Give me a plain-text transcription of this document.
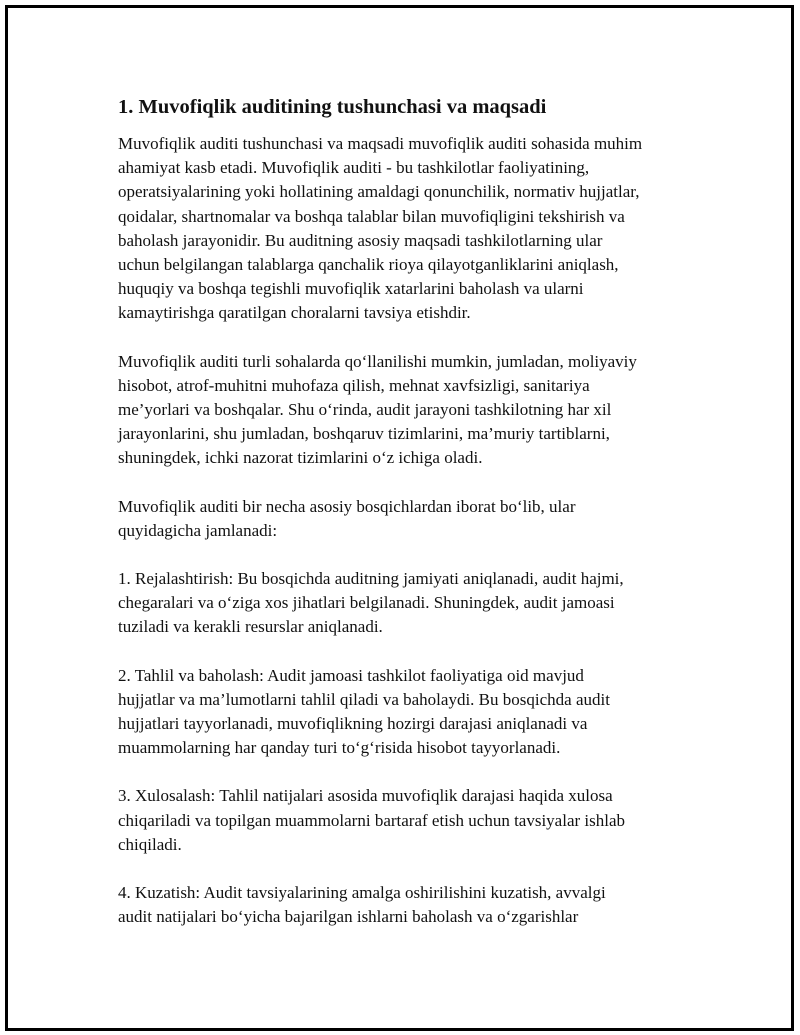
1. Muvofiqlik auditining tushunchasi va maqsadi

Muvofiqlik auditi tushunchasi va maqsadi muvofiqlik auditi sohasida muhim
ahamiyat kasb etadi. Muvofiqlik auditi - bu tashkilotlar faoliyatining,
operatsiyalarining yoki hollatining amaldagi qonunchilik, normativ hujjatlar,
qoidalar, shartnomalar va boshqa talablar bilan muvofiqligini tekshirish va
baholash jarayonidir. Bu auditning asosiy maqsadi tashkilotlarning ular
uchun belgilangan talablarga qanchalik rioya qilayotganliklarini aniqlash,
huquqiy va boshqa tegishli muvofiqlik xatarlarini baholash va ularni
kamaytirishga qaratilgan choralarni tavsiya etishdir.

Muvofiqlik auditi turli sohalarda qo‘llanilishi mumkin, jumladan, moliyaviy
hisobot, atrof-muhitni muhofaza qilish, mehnat xavfsizligi, sanitariya
me’yorlari va boshqalar. Shu o‘rinda, audit jarayoni tashkilotning har xil
jarayonlarini, shu jumladan, boshqaruv tizimlarini, ma’muriy tartiblarni,
shuningdek, ichki nazorat tizimlarini o‘z ichiga oladi.

Muvofiqlik auditi bir necha asosiy bosqichlardan iborat bo‘lib, ular
quyidagicha jamlanadi:

1. Rejalashtirish: Bu bosqichda auditning jamiyati aniqlanadi, audit hajmi,
chegaralari va o‘ziga xos jihatlari belgilanadi. Shuningdek, audit jamoasi
tuziladi va kerakli resurslar aniqlanadi.

2. Tahlil va baholash: Audit jamoasi tashkilot faoliyatiga oid mavjud
hujjatlar va ma’lumotlarni tahlil qiladi va baholaydi. Bu bosqichda audit
hujjatlari tayyorlanadi, muvofiqlikning hozirgi darajasi aniqlanadi va
muammolarning har qanday turi to‘g‘risida hisobot tayyorlanadi.

3. Xulosalash: Tahlil natijalari asosida muvofiqlik darajasi haqida xulosa
chiqariladi va topilgan muammolarni bartaraf etish uchun tavsiyalar ishlab
chiqiladi.

4. Kuzatish: Audit tavsiyalarining amalga oshirilishini kuzatish, avvalgi
audit natijalari bo‘yicha bajarilgan ishlarni baholash va o‘zgarishlar
